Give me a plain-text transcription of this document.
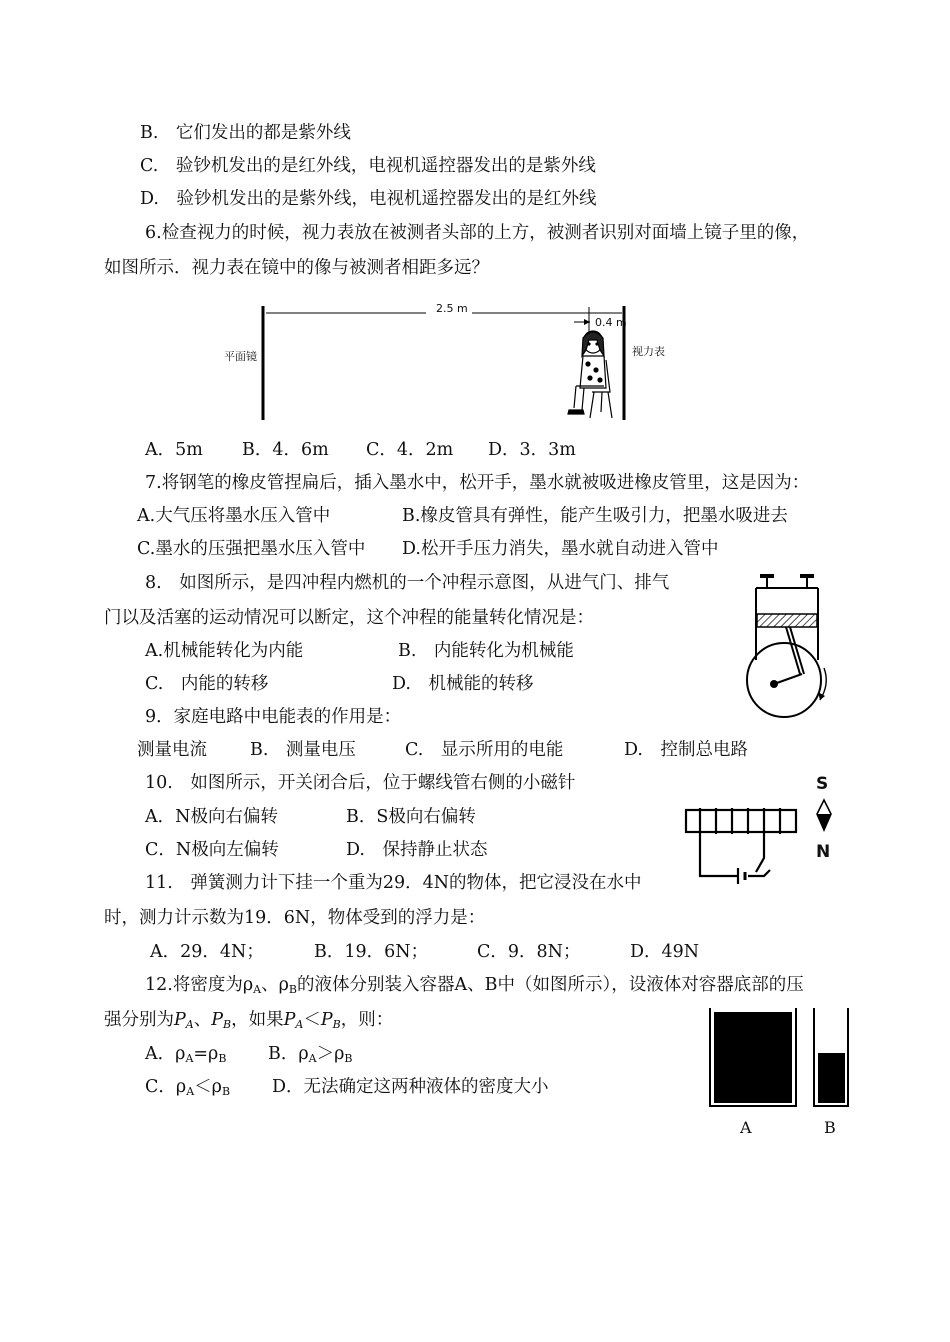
B.　它们发出的都是紫外线
C.　验钞机发出的是红外线，电视机遥控器发出的是紫外线
D.　验钞机发出的是紫外线，电视机遥控器发出的是红外线
6.检查视力的时候，视力表放在被测者头部的上方，被测者识别对面墙上镜子里的像，
如图所示．视力表在镜中的像与被测者相距多远？
2.5 m
0.4 m
平面镜	视力表
A．5m B．4．6m C．4．2m D．3．3m
7.将钢笔的橡皮管捏扁后，插入墨水中，松开手，墨水就被吸进橡皮管里，这是因为：
A.大气压将墨水压入管中	B.橡皮管具有弹性，能产生吸引力，把墨水吸进去
C.墨水的压强把墨水压入管中 D.松开手压力消失，墨水就自动进入管中
8.　如图所示，是四冲程内燃机的一个冲程示意图，从进气门、排气
门以及活塞的运动情况可以断定，这个冲程的能量转化情况是：
A.机械能转化为内能	B.　内能转化为机械能
C.　内能的转移	D.　机械能的转移
9．家庭电路中电能表的作用是：
测量电流 B.　测量电压	C.　显示所用的电能	D.　控制总电路
10.　如图所示，开关闭合后，位于螺线管右侧的小磁针
A．N极向右偏转	B．S极向右偏转
C．N极向左偏转	D.　保持静止状态
S
N
11.　弹簧测力计下挂一个重为29．4N的物体，把它浸没在水中
时，测力计示数为19．6N，物体受到的浮力是：
A．29．4N；	B．19．6N；	C．9．8N；	D．49N
12.将密度为$\rho_A$、$\rho_B$的液体分别装入容器A、B中（如图所示），设液体对容器底部的压
强分别为$P_A$、$P_B$，如果$P_A<P_B$，则：
A．$\rho_A=\rho_B$ B．$\rho_A>\rho_B$
C．$\rho_A<\rho_B$ D．无法确定这两种液体的密度大小
A	B
